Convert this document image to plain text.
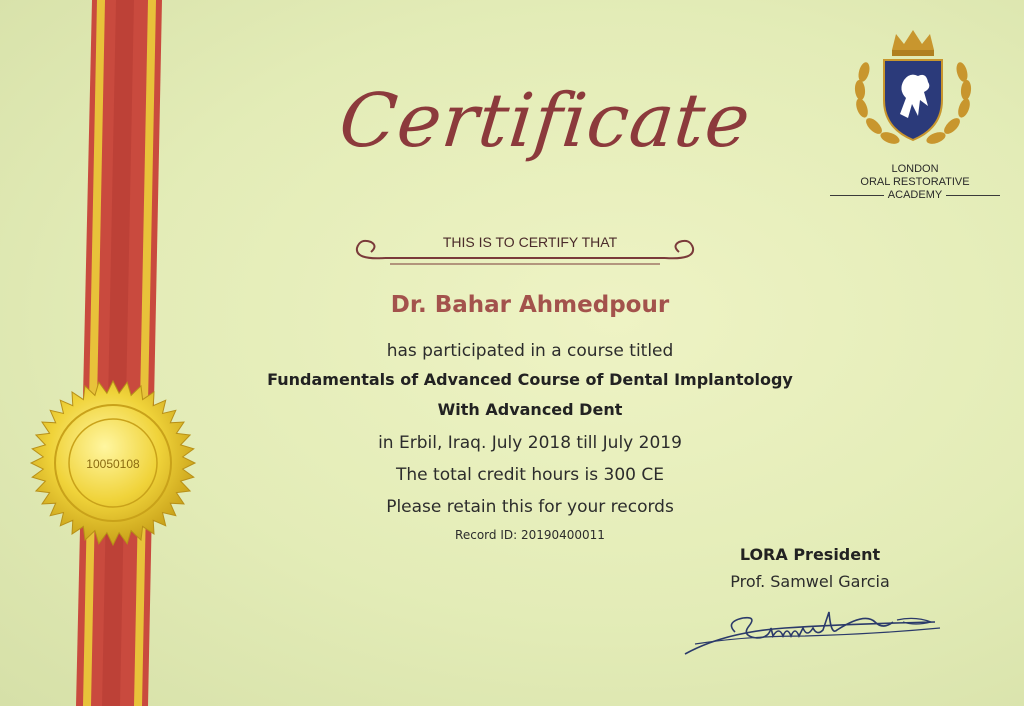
10050108
Certificate
THIS IS TO CERTIFY THAT
Dr. Bahar Ahmedpour
has participated in a course titled
Fundamentals of Advanced Course of Dental Implantology
With Advanced Dent
in Erbil, Iraq. July 2018 till July 2019
The total credit hours is 300 CE
Please retain this for your records
Record ID: 20190400011
LORA President
Prof. Samwel Garcia
LONDON
ORAL RESTORATIVE
ACADEMY
